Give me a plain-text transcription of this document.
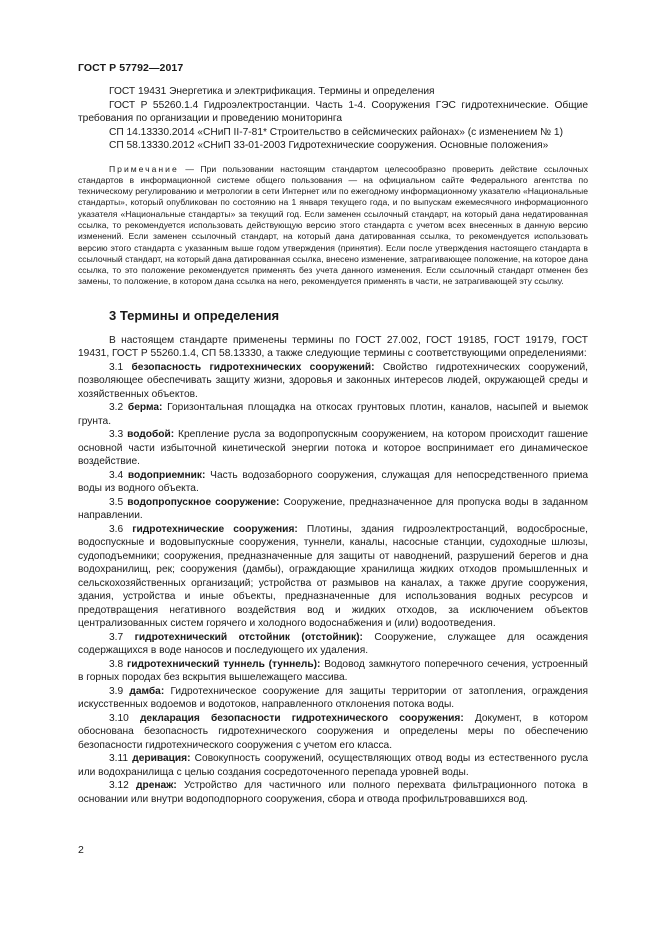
ГОСТ Р 57792—2017

ГОСТ 19431 Энергетика и электрификация. Термины и определения

ГОСТ Р 55260.1.4 Гидроэлектростанции. Часть 1-4. Сооружения ГЭС гидротехнические. Общие требования по организации и проведению мониторинга

СП 14.13330.2014 «СНиП II-7-81* Строительство в сейсмических районах» (с изменением № 1)

СП 58.13330.2012 «СНиП 33-01-2003 Гидротехнические сооружения. Основные положения»

Примечание — При пользовании настоящим стандартом целесообразно проверить действие ссылочных стандартов в информационной системе общего пользования — на официальном сайте Федерального агентства по техническому регулированию и метрологии в сети Интернет или по ежегодному информационному указателю «Национальные стандарты», который опубликован по состоянию на 1 января текущего года, и по выпускам ежемесячного информационного указателя «Национальные стандарты» за текущий год. Если заменен ссылочный стандарт, на который дана недатированная ссылка, то рекомендуется использовать действующую версию этого стандарта с учетом всех внесенных в данную версию изменений. Если заменен ссылочный стандарт, на который дана датированная ссылка, то рекомендуется использовать версию этого стандарта с указанным выше годом утверждения (принятия). Если после утверждения настоящего стандарта в ссылочный стандарт, на который дана датированная ссылка, внесено изменение, затрагивающее положение, на которое дана ссылка, то это положение рекомендуется применять без учета данного изменения. Если ссылочный стандарт отменен без замены, то положение, в котором дана ссылка на него, рекомендуется применять в части, не затрагивающей эту ссылку.

3 Термины и определения

В настоящем стандарте применены термины по ГОСТ 27.002, ГОСТ 19185, ГОСТ 19179, ГОСТ 19431, ГОСТ Р 55260.1.4, СП 58.13330, а также следующие термины с соответствующими определениями:

3.1 безопасность гидротехнических сооружений: Свойство гидротехнических сооружений, позволяющее обеспечивать защиту жизни, здоровья и законных интересов людей, окружающей среды и хозяйственных объектов.

3.2 берма: Горизонтальная площадка на откосах грунтовых плотин, каналов, насыпей и выемок грунта.

3.3 водобой: Крепление русла за водопропускным сооружением, на котором происходит гашение основной части избыточной кинетической энергии потока и которое воспринимает его динамическое воздействие.

3.4 водоприемник: Часть водозаборного сооружения, служащая для непосредственного приема воды из водного объекта.

3.5 водопропускное сооружение: Сооружение, предназначенное для пропуска воды в заданном направлении.

3.6 гидротехнические сооружения: Плотины, здания гидроэлектростанций, водосбросные, водоспускные и водовыпускные сооружения, туннели, каналы, насосные станции, судоходные шлюзы, судоподъемники; сооружения, предназначенные для защиты от наводнений, разрушений берегов и дна водохранилищ, рек; сооружения (дамбы), ограждающие хранилища жидких отходов промышленных и сельскохозяйственных организаций; устройства от размывов на каналах, а также другие сооружения, здания, устройства и иные объекты, предназначенные для использования водных ресурсов и предотвращения негативного воздействия вод и жидких отходов, за исключением объектов централизованных систем горячего и холодного водоснабжения и (или) водоотведения.

3.7 гидротехнический отстойник (отстойник): Сооружение, служащее для осаждения содержащихся в воде наносов и последующего их удаления.

3.8 гидротехнический туннель (туннель): Водовод замкнутого поперечного сечения, устроенный в горных породах без вскрытия вышележащего массива.

3.9 дамба: Гидротехническое сооружение для защиты территории от затопления, ограждения искусственных водоемов и водотоков, направленного отклонения потока воды.

3.10 декларация безопасности гидротехнического сооружения: Документ, в котором обоснована безопасность гидротехнического сооружения и определены меры по обеспечению безопасности гидротехнического сооружения с учетом его класса.

3.11 деривация: Совокупность сооружений, осуществляющих отвод воды из естественного русла или водохранилища с целью создания сосредоточенного перепада уровней воды.

3.12 дренаж: Устройство для частичного или полного перехвата фильтрационного потока в основании или внутри водоподпорного сооружения, сбора и отвода профильтровавшихся вод.

2
